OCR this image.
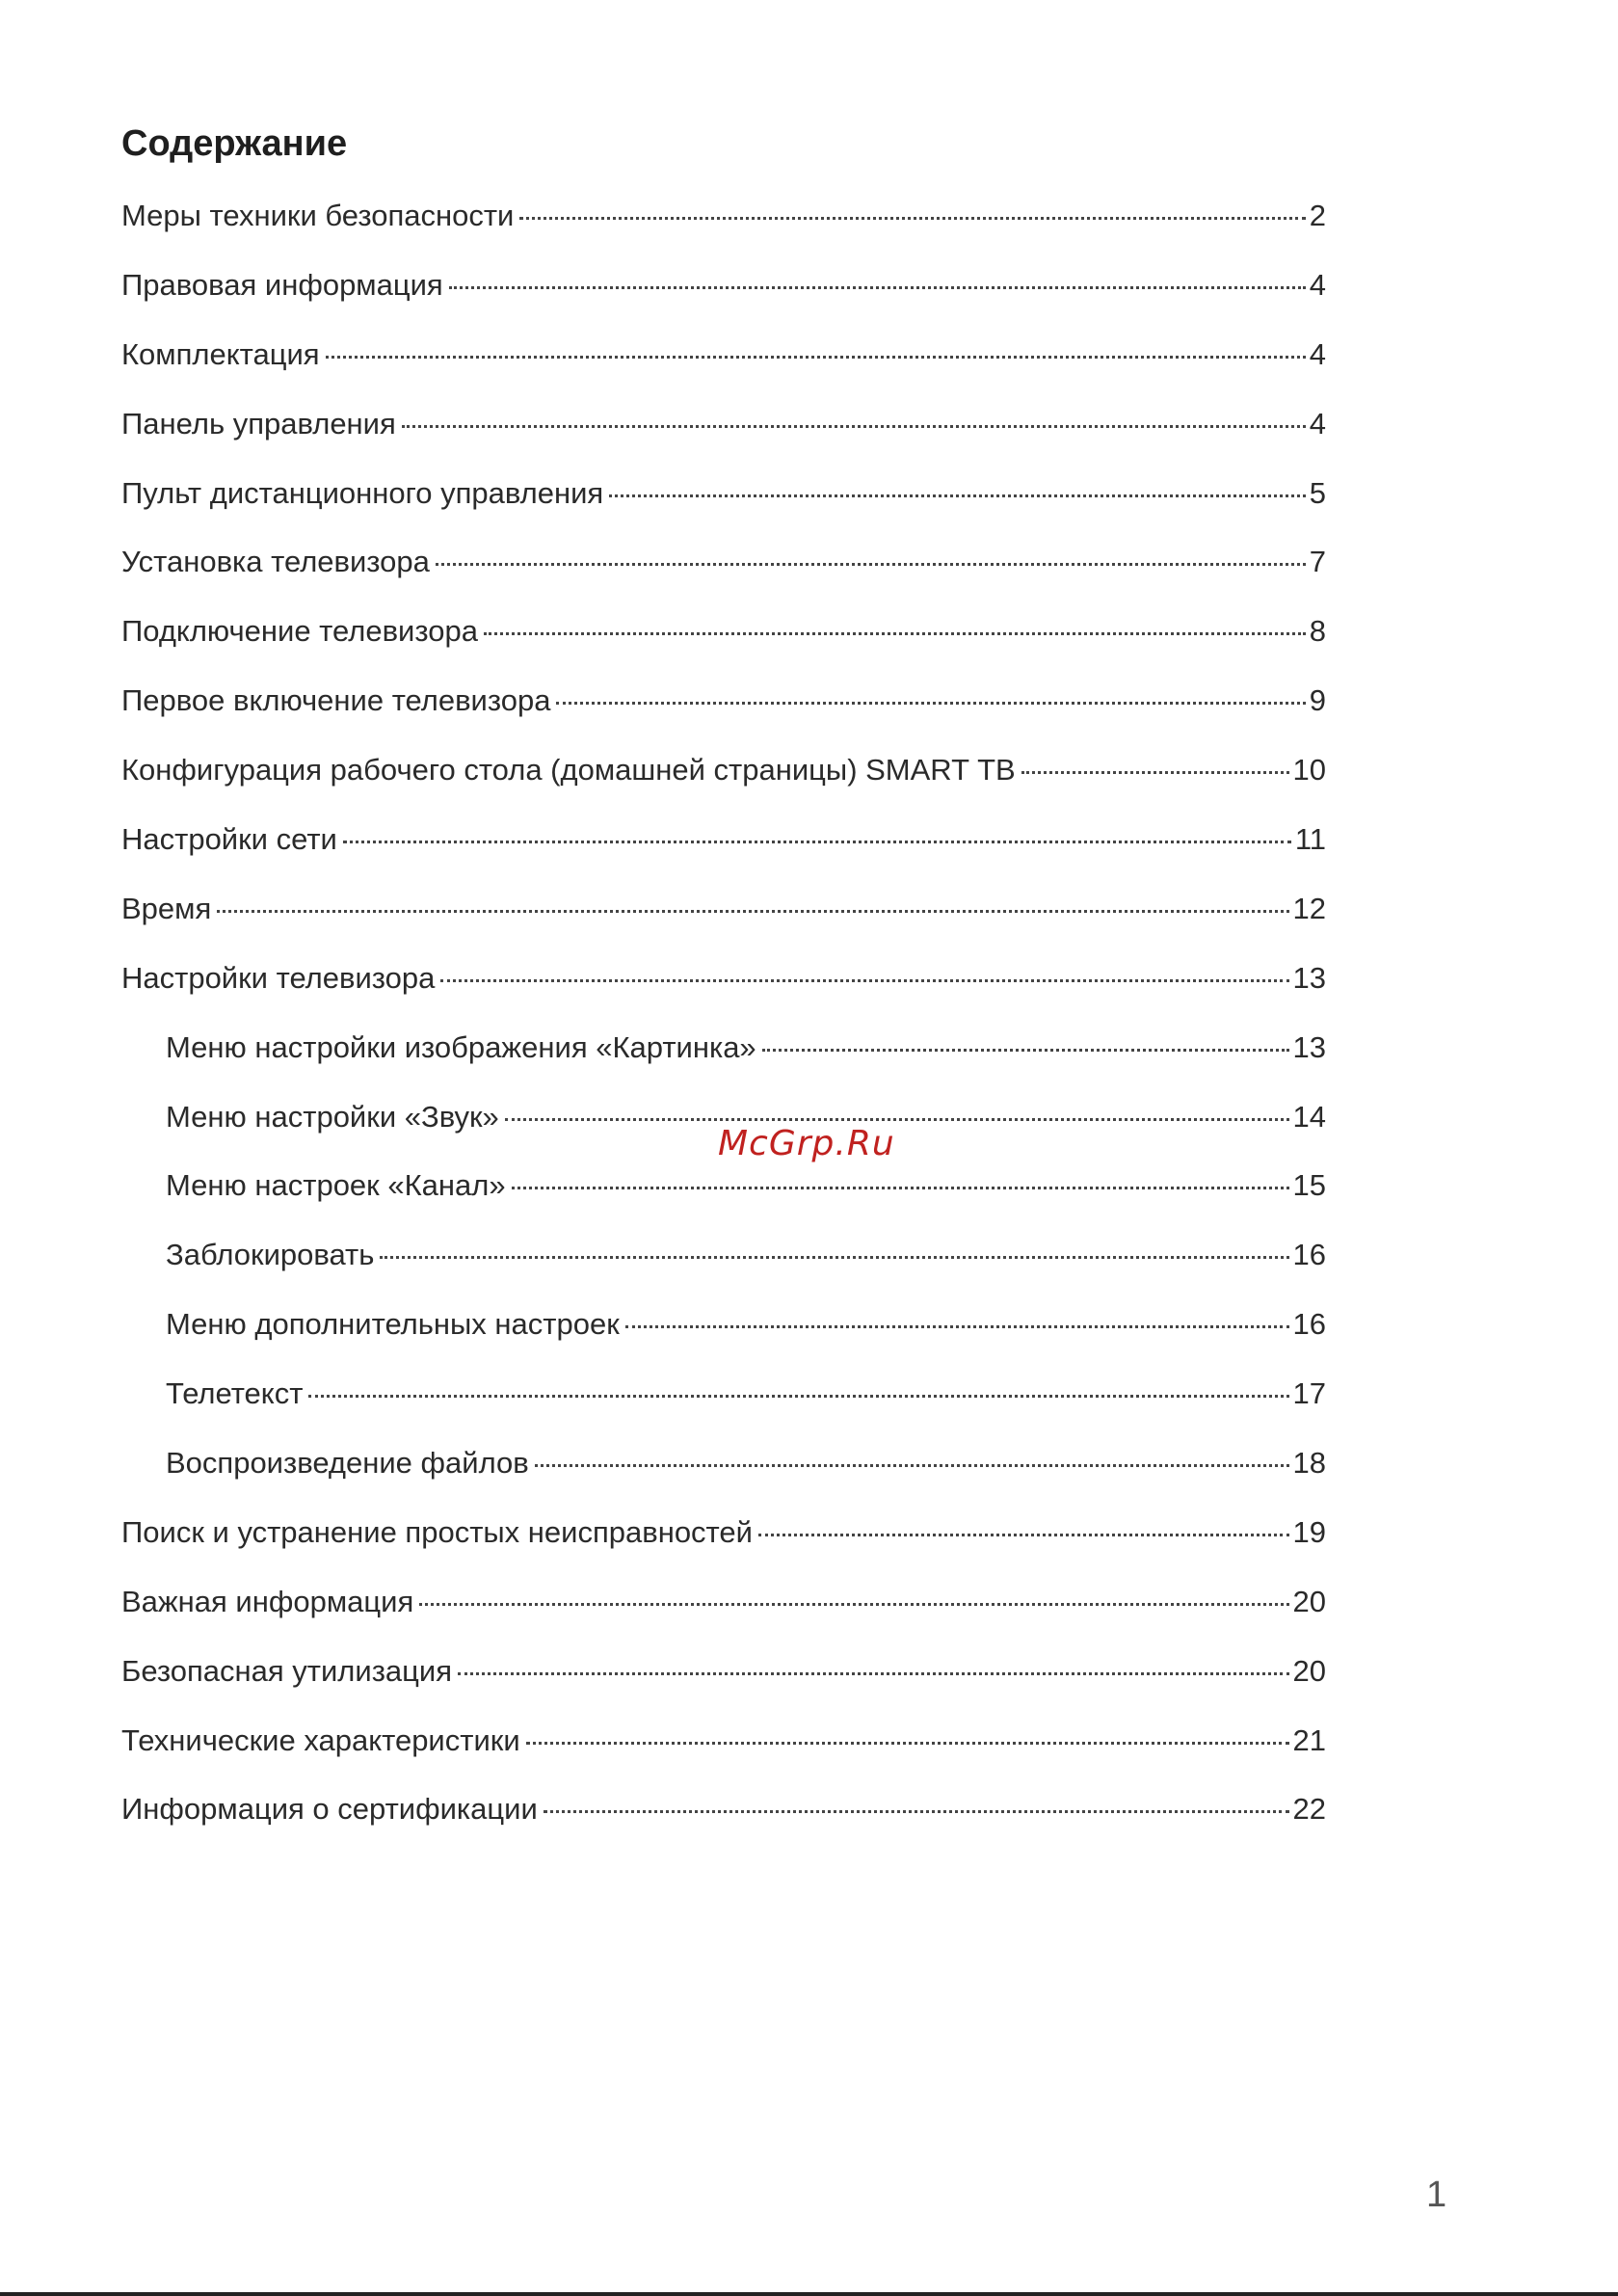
Содержание
Меры техники безопасности	2
Правовая информация	4
Комплектация	4
Панель управления	4
Пульт дистанционного управления	5
Установка телевизора	7
Подключение телевизора	8
Первое включение телевизора	9
Конфигурация рабочего стола (домашней страницы) SMART ТВ	10
Настройки сети	11
Время	12
Настройки телевизора	13
Меню настройки изображения «Картинка»	13
Меню настройки «Звук»	14
Меню настроек «Канал»	15
Заблокировать	16
Меню дополнительных настроек	16
Телетекст	17
Воспроизведение файлов	18
Поиск и устранение простых неисправностей	19
Важная информация	20
Безопасная утилизация	20
Технические характеристики	21
Информация о сертификации	22
McGrp.Ru
1
